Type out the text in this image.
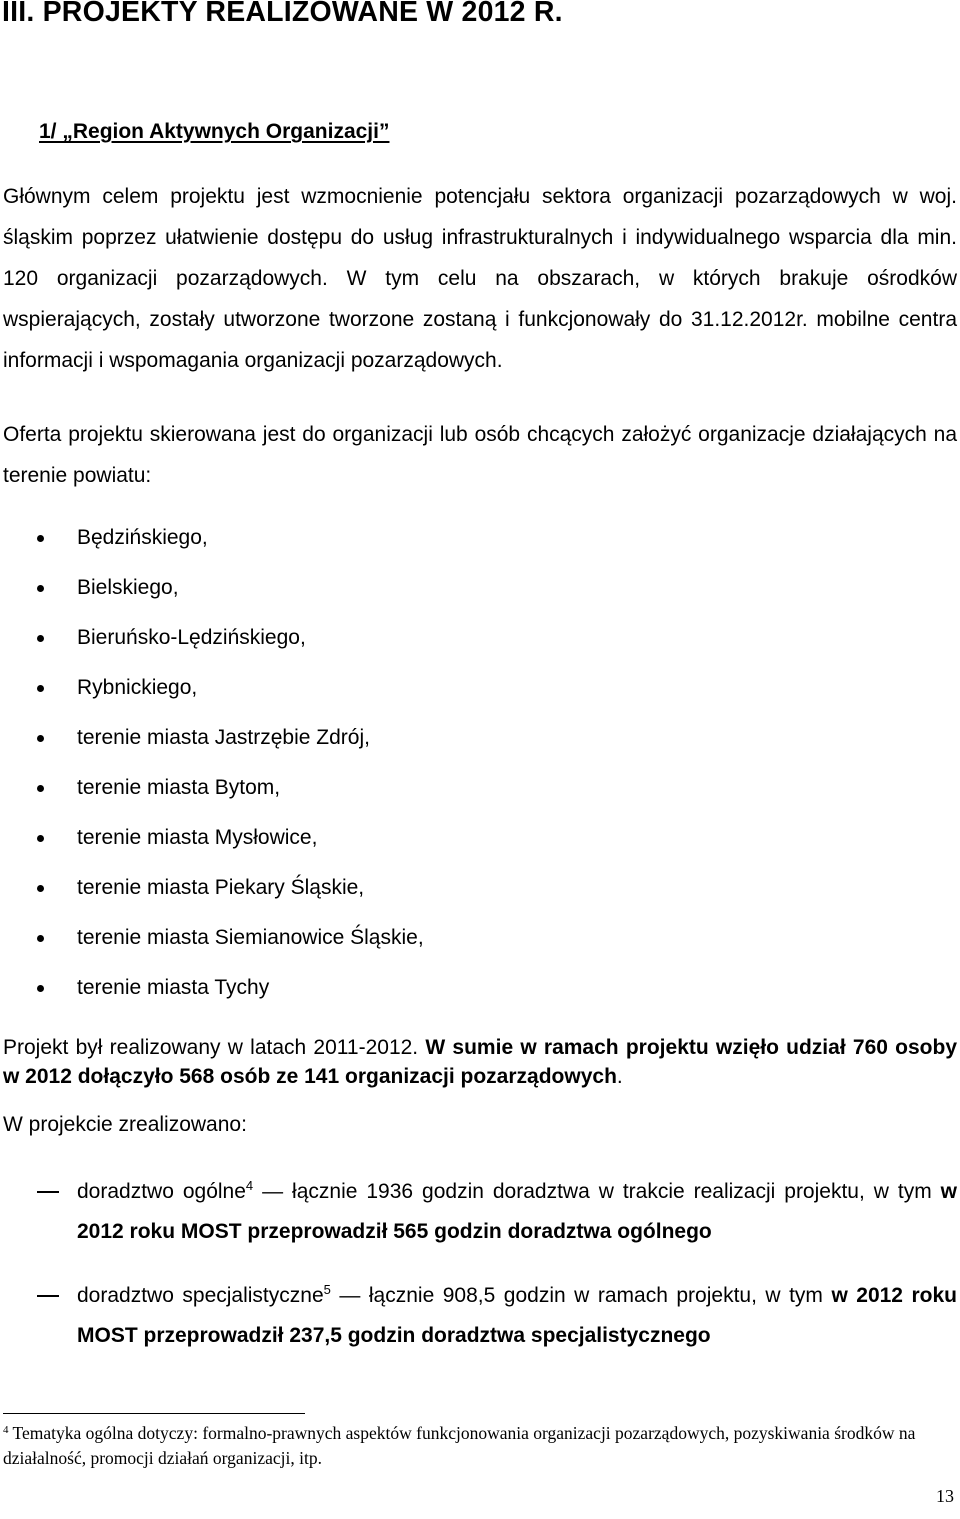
III. PROJEKTY REALIZOWANE W 2012 R.
1/ „Region Aktywnych Organizacji”

Głównym celem projektu jest wzmocnienie potencjału sektora organizacji pozarządowych w woj. śląskim poprzez ułatwienie dostępu do usług infrastrukturalnych i indywidualnego wsparcia dla min. 120 organizacji pozarządowych. W tym celu na obszarach, w których brakuje ośrodków wspierających, zostały utworzone tworzone zostaną i funkcjonowały do 31.12.2012r. mobilne centra informacji i wspomagania organizacji pozarządowych.

Oferta projektu skierowana jest do organizacji lub osób chcących założyć organizacje działających na terenie powiatu:

Będzińskiego,
Bielskiego,
Bieruńsko-Lędzińskiego,
Rybnickiego,
terenie miasta Jastrzębie Zdrój,
terenie miasta Bytom,
terenie miasta Mysłowice,
terenie miasta Piekary Śląskie,
terenie miasta Siemianowice Śląskie,
terenie miasta Tychy

Projekt był realizowany w latach 2011-2012. W sumie w ramach projektu wzięło udział 760 osoby w 2012 dołączyło 568 osób ze 141 organizacji pozarządowych.

W projekcie zrealizowano:

doradztwo ogólne$^4$ — łącznie 1936 godzin doradztwa w trakcie realizacji projektu, w tym w 2012 roku MOST przeprowadził 565 godzin doradztwa ogólnego

doradztwo specjalistyczne$^5$ — łącznie 908,5 godzin w ramach projektu, w tym w 2012 roku MOST przeprowadził 237,5 godzin doradztwa specjalistycznego

$^4$ Tematyka ogólna dotyczy: formalno-prawnych aspektów funkcjonowania organizacji pozarządowych, pozyskiwania środków na działalność, promocji działań organizacji, itp.

13
